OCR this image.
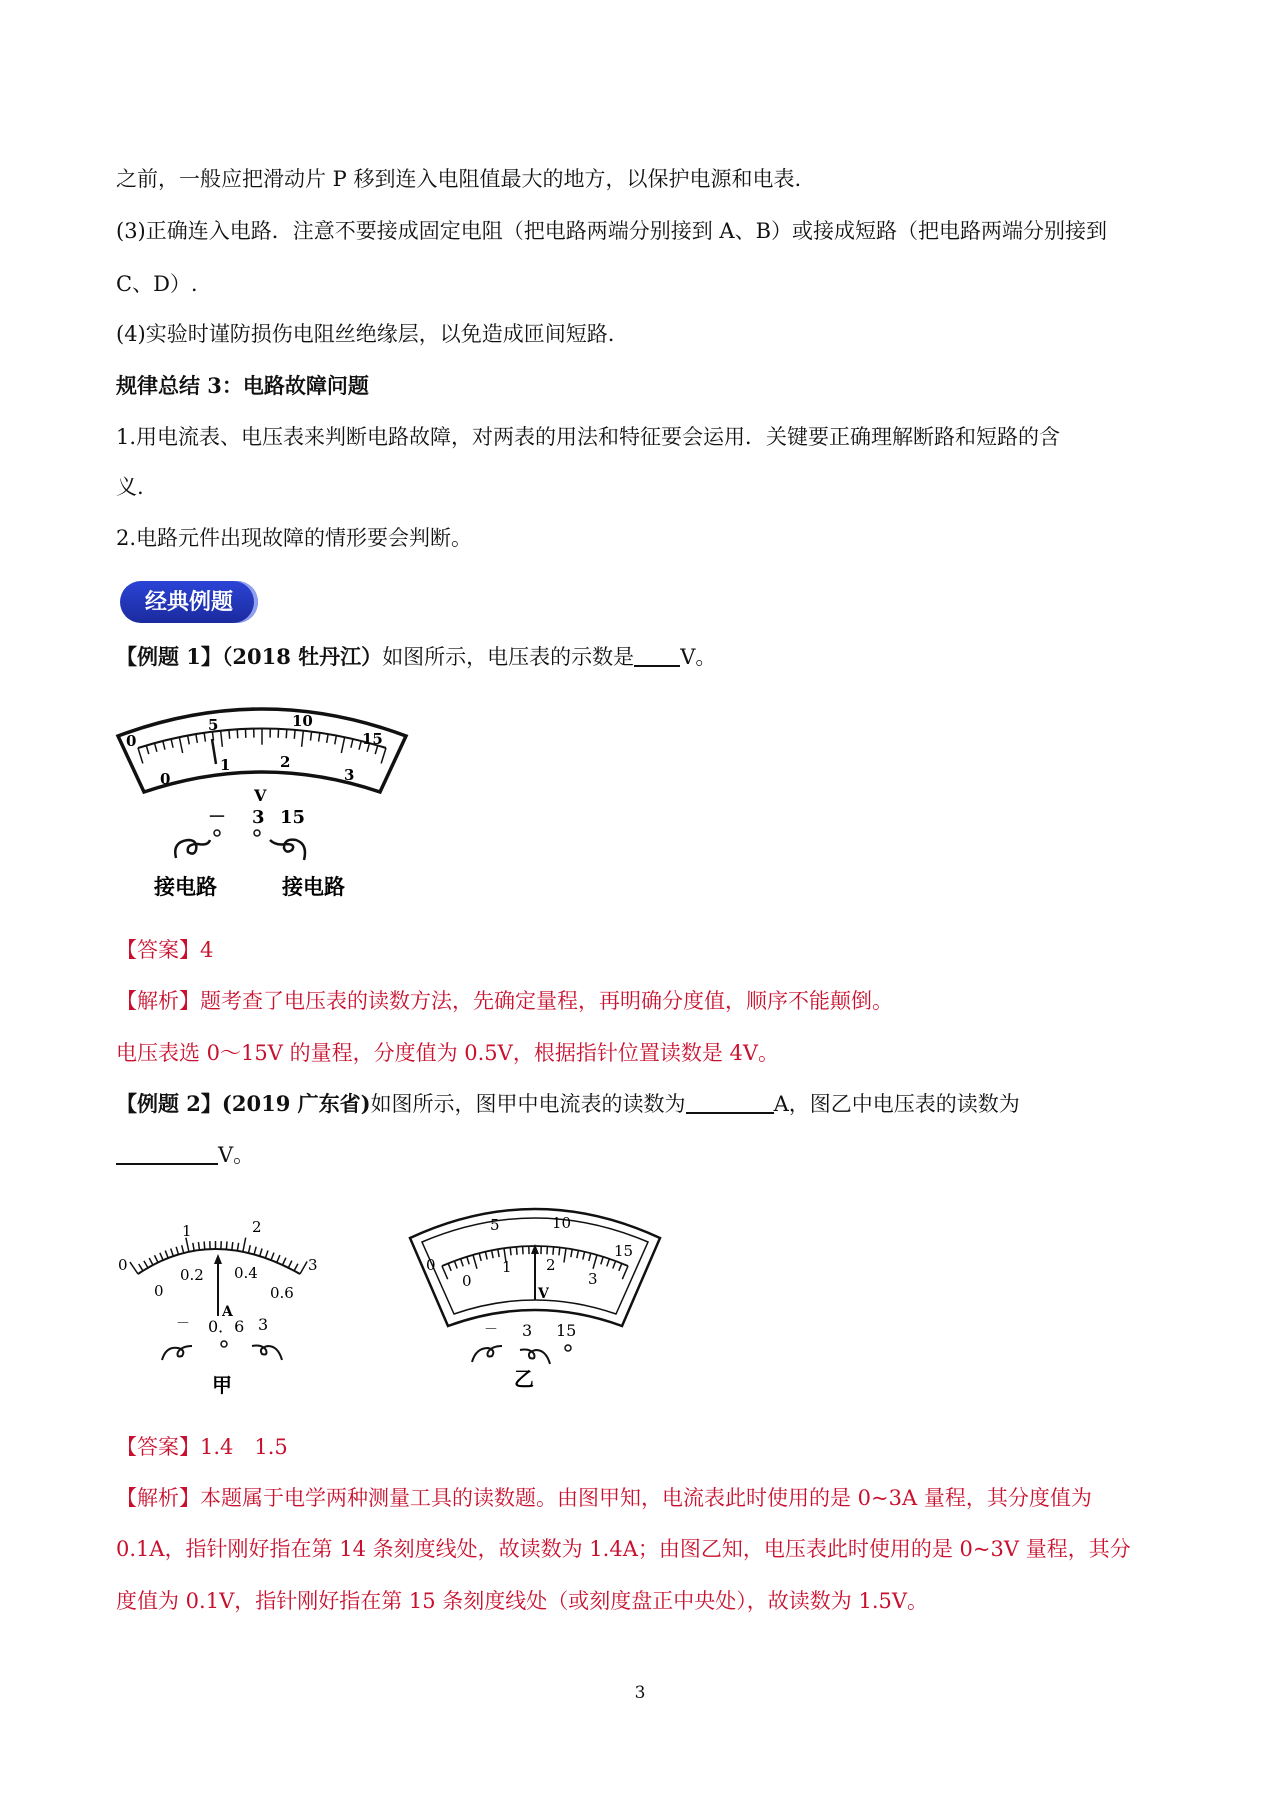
之前，一般应把滑动片 P 移到连入电阻值最大的地方，以保护电源和电表.
(3)正确连入电路．注意不要接成固定电阻（把电路两端分别接到 A、B）或接成短路（把电路两端分别接到
C、D）.
(4)实验时谨防损伤电阻丝绝缘层，以免造成匝间短路.
规律总结 3：电路故障问题
1.用电流表、电压表来判断电路故障，对两表的用法和特征要会运用．关键要正确理解断路和短路的含
义.
2.电路元件出现故障的情形要会判断。
经典例题
【例题 1】（2018 牡丹江）如图所示，电压表的示数是 V。
0
5	10
15
0
1	2
3
V
－ 3 15
接电路	接电路
【答案】4
【解析】题考查了电压表的读数方法，先确定量程，再明确分度值，顺序不能颠倒。
电压表选 0～15V 的量程，分度值为 0.5V，根据指针位置读数是 4V。
【例题 2】(2019 广东省)如图所示，图甲中电流表的读数为	A，图乙中电压表的读数为
V。
0
1	2
3
0
0.2 0.4
0.6
A
－ 0．6 3
甲
0
5	10
15
0
1 2
3
V
－ 3 15
乙
【答案】1.4　1.5
【解析】本题属于电学两种测量工具的读数题。由图甲知，电流表此时使用的是 0~3A 量程，其分度值为
0.1A，指针刚好指在第 14 条刻度线处，故读数为 1.4A；由图乙知，电压表此时使用的是 0~3V 量程，其分
度值为 0.1V，指针刚好指在第 15 条刻度线处（或刻度盘正中央处），故读数为 1.5V。
3
